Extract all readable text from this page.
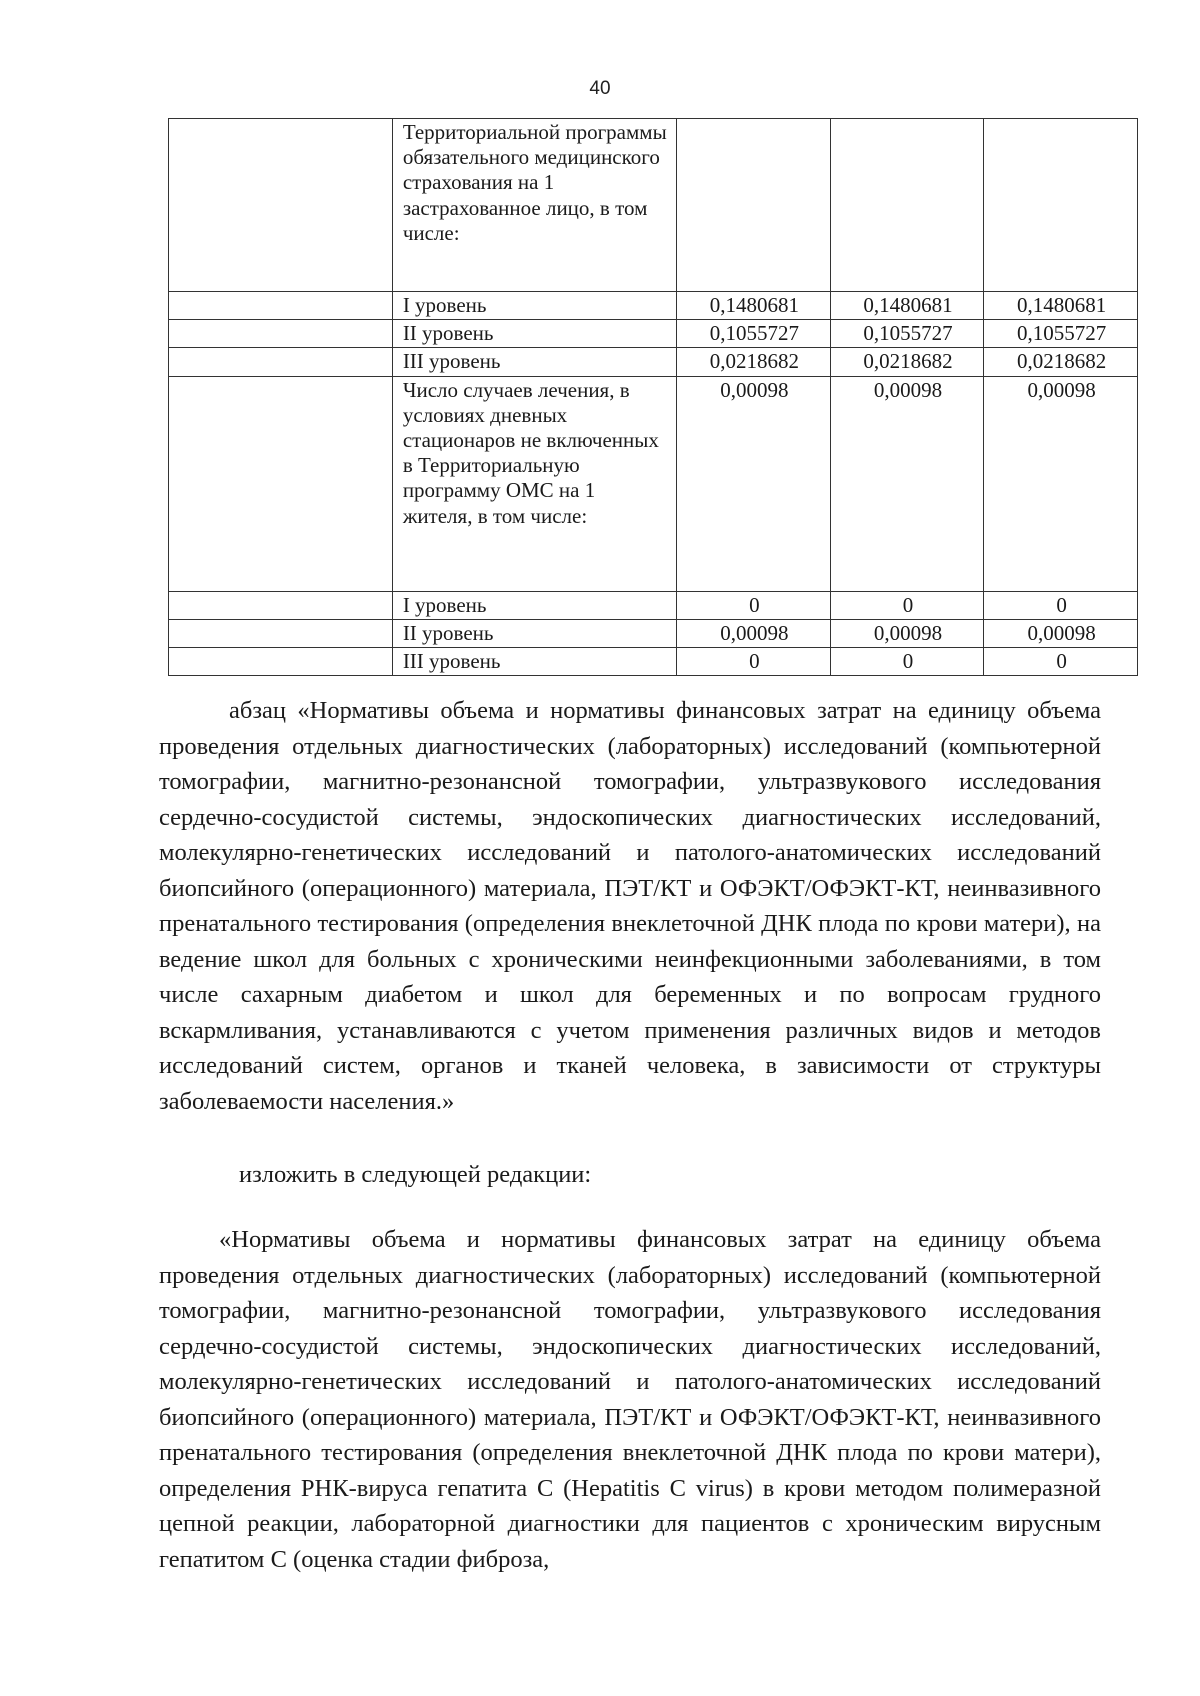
40
	Территориальной программы обязательного медицинского страхования на 1 застрахованное лицо, в том числе:			
	I уровень	0,1480681	0,1480681	0,1480681
	II уровень	0,1055727	0,1055727	0,1055727
	III уровень	0,0218682	0,0218682	0,0218682
	Число случаев лечения, в условиях дневных стационаров не включенных в Территориальную программу ОМС на 1 жителя, в том числе:	0,00098	0,00098	0,00098
	I уровень	0	0	0
	II уровень	0,00098	0,00098	0,00098
	III уровень	0	0	0

абзац «Нормативы объема и нормативы финансовых затрат на единицу объема проведения отдельных диагностических (лабораторных) исследований (компьютерной томографии, магнитно-резонансной томографии, ультразвукового исследования сердечно-сосудистой системы, эндоскопических диагностических исследований, молекулярно-генетических исследований и патолого-анатомических исследований биопсийного (операционного) материала, ПЭТ/КТ и ОФЭКТ/ОФЭКТ-КТ, неинвазивного пренатального тестирования (определения внеклеточной ДНК плода по крови матери), на ведение школ для больных с хроническими неинфекционными заболеваниями, в том числе сахарным диабетом и школ для беременных и по вопросам грудного вскармливания, устанавливаются с учетом применения различных видов и методов исследований систем, органов и тканей человека, в зависимости от структуры заболеваемости населения.»

изложить в следующей редакции:

«Нормативы объема и нормативы финансовых затрат на единицу объема проведения отдельных диагностических (лабораторных) исследований (компьютерной томографии, магнитно-резонансной томографии, ультразвукового исследования сердечно-сосудистой системы, эндоскопических диагностических исследований, молекулярно-генетических исследований и патолого-анатомических исследований биопсийного (операционного) материала, ПЭТ/КТ и ОФЭКТ/ОФЭКТ-КТ, неинвазивного пренатального тестирования (определения внеклеточной ДНК плода по крови матери), определения РНК-вируса гепатита C (Hepatitis C virus) в крови методом полимеразной цепной реакции, лабораторной диагностики для пациентов с хроническим вирусным гепатитом C (оценка стадии фиброза,
